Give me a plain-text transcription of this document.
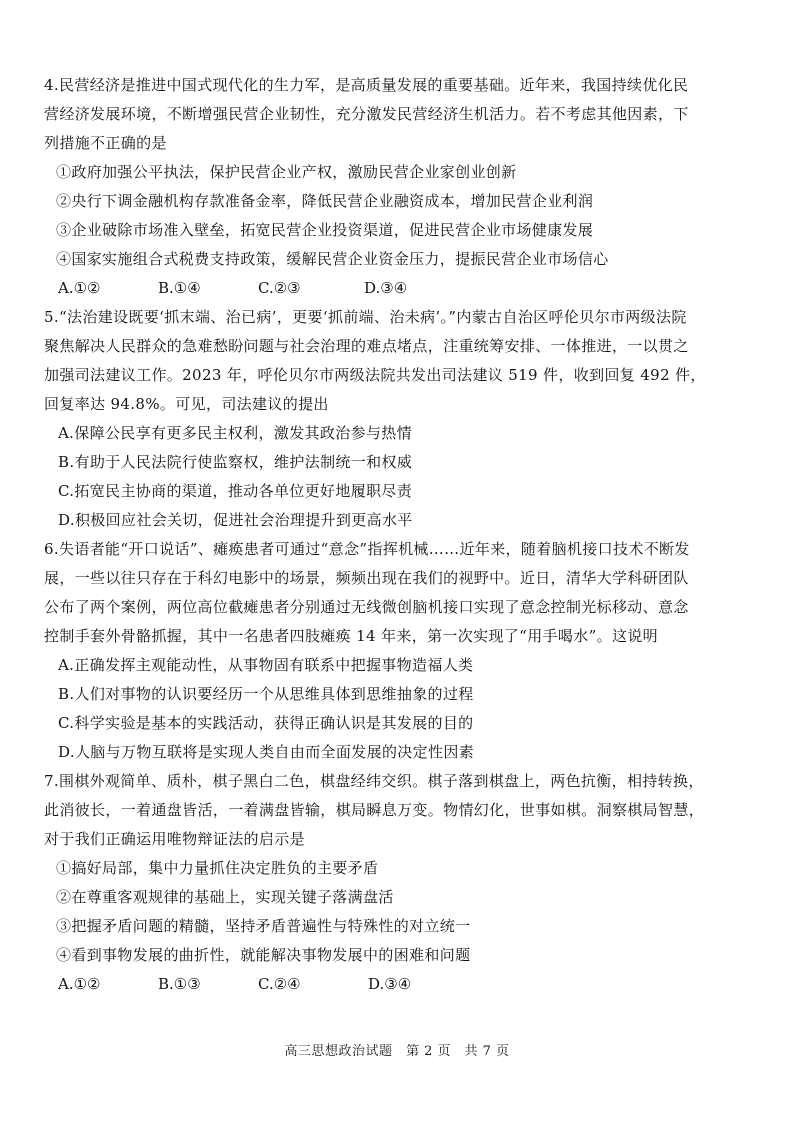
4.民营经济是推进中国式现代化的生力军，是高质量发展的重要基础。近年来，我国持续优化民
营经济发展环境，不断增强民营企业韧性，充分激发民营经济生机活力。若不考虑其他因素，下
列措施不正确的是
①政府加强公平执法，保护民营企业产权，激励民营企业家创业创新
②央行下调金融机构存款准备金率，降低民营企业融资成本，增加民营企业利润
③企业破除市场准入壁垒，拓宽民营企业投资渠道，促进民营企业市场健康发展
④国家实施组合式税费支持政策，缓解民营企业资金压力，提振民营企业市场信心
A.①②	B.①④	C.②③	D.③④
5.“法治建设既要‘抓末端、治已病’，更要‘抓前端、治未病’。”内蒙古自治区呼伦贝尔市两级法院
聚焦解决人民群众的急难愁盼问题与社会治理的难点堵点，注重统筹安排、一体推进，一以贯之
加强司法建议工作。2023 年，呼伦贝尔市两级法院共发出司法建议 519 件，收到回复 492 件，
回复率达 94.8%。可见，司法建议的提出
A.保障公民享有更多民主权利，激发其政治参与热情
B.有助于人民法院行使监察权，维护法制统一和权威
C.拓宽民主协商的渠道，推动各单位更好地履职尽责
D.积极回应社会关切，促进社会治理提升到更高水平
6.失语者能“开口说话”、瘫痪患者可通过“意念”指挥机械……近年来，随着脑机接口技术不断发
展，一些以往只存在于科幻电影中的场景，频频出现在我们的视野中。近日，清华大学科研团队
公布了两个案例，两位高位截瘫患者分别通过无线微创脑机接口实现了意念控制光标移动、意念
控制手套外骨骼抓握，其中一名患者四肢瘫痪 14 年来，第一次实现了“用手喝水”。这说明
A.正确发挥主观能动性，从事物固有联系中把握事物造福人类
B.人们对事物的认识要经历一个从思维具体到思维抽象的过程
C.科学实验是基本的实践活动，获得正确认识是其发展的目的
D.人脑与万物互联将是实现人类自由而全面发展的决定性因素
7.围棋外观简单、质朴，棋子黑白二色，棋盘经纬交织。棋子落到棋盘上，两色抗衡，相持转换，
此消彼长，一着通盘皆活，一着满盘皆输，棋局瞬息万变。物情幻化，世事如棋。洞察棋局智慧，
对于我们正确运用唯物辩证法的启示是
①搞好局部，集中力量抓住决定胜负的主要矛盾
②在尊重客观规律的基础上，实现关键子落满盘活
③把握矛盾问题的精髓，坚持矛盾普遍性与特殊性的对立统一
④看到事物发展的曲折性，就能解决事物发展中的困难和问题
A.①②	B.①③	C.②④	D.③④
高三思想政治试题　第 2 页　共 7 页
